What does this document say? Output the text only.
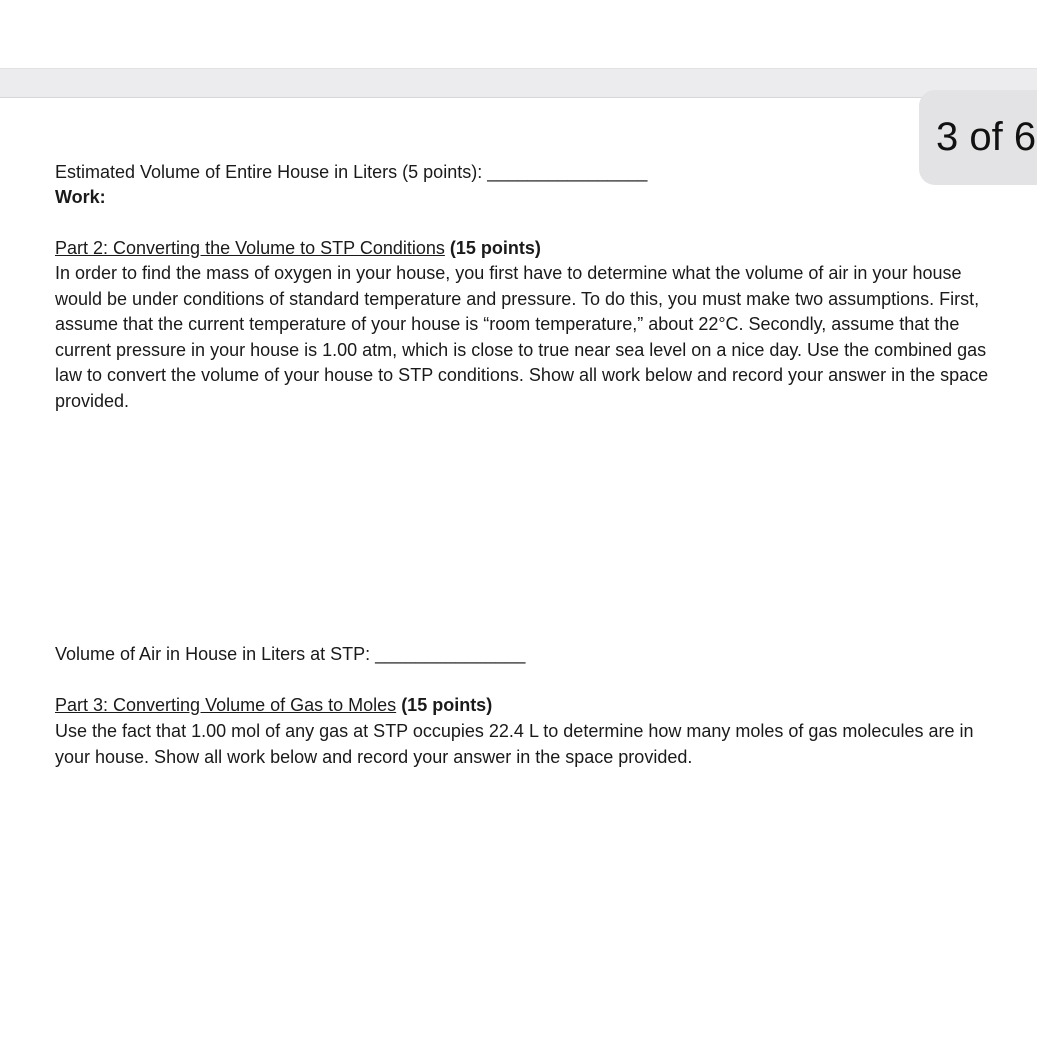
3 of 6
Estimated Volume of Entire House in Liters (5 points): ________________
Work:
Part 2: Converting the Volume to STP Conditions (15 points)
In order to find the mass of oxygen in your house, you first have to determine what the volume of air in your house would be under conditions of standard temperature and pressure. To do this, you must make two assumptions. First, assume that the current temperature of your house is “room temperature,” about 22°C. Secondly, assume that the current pressure in your house is 1.00 atm, which is close to true near sea level on a nice day. Use the combined gas law to convert the volume of your house to STP conditions. Show all work below and record your answer in the space provided.
Volume of Air in House in Liters at STP: _______________
Part 3: Converting Volume of Gas to Moles (15 points)
Use the fact that 1.00 mol of any gas at STP occupies 22.4 L to determine how many moles of gas molecules are in your house. Show all work below and record your answer in the space provided.
